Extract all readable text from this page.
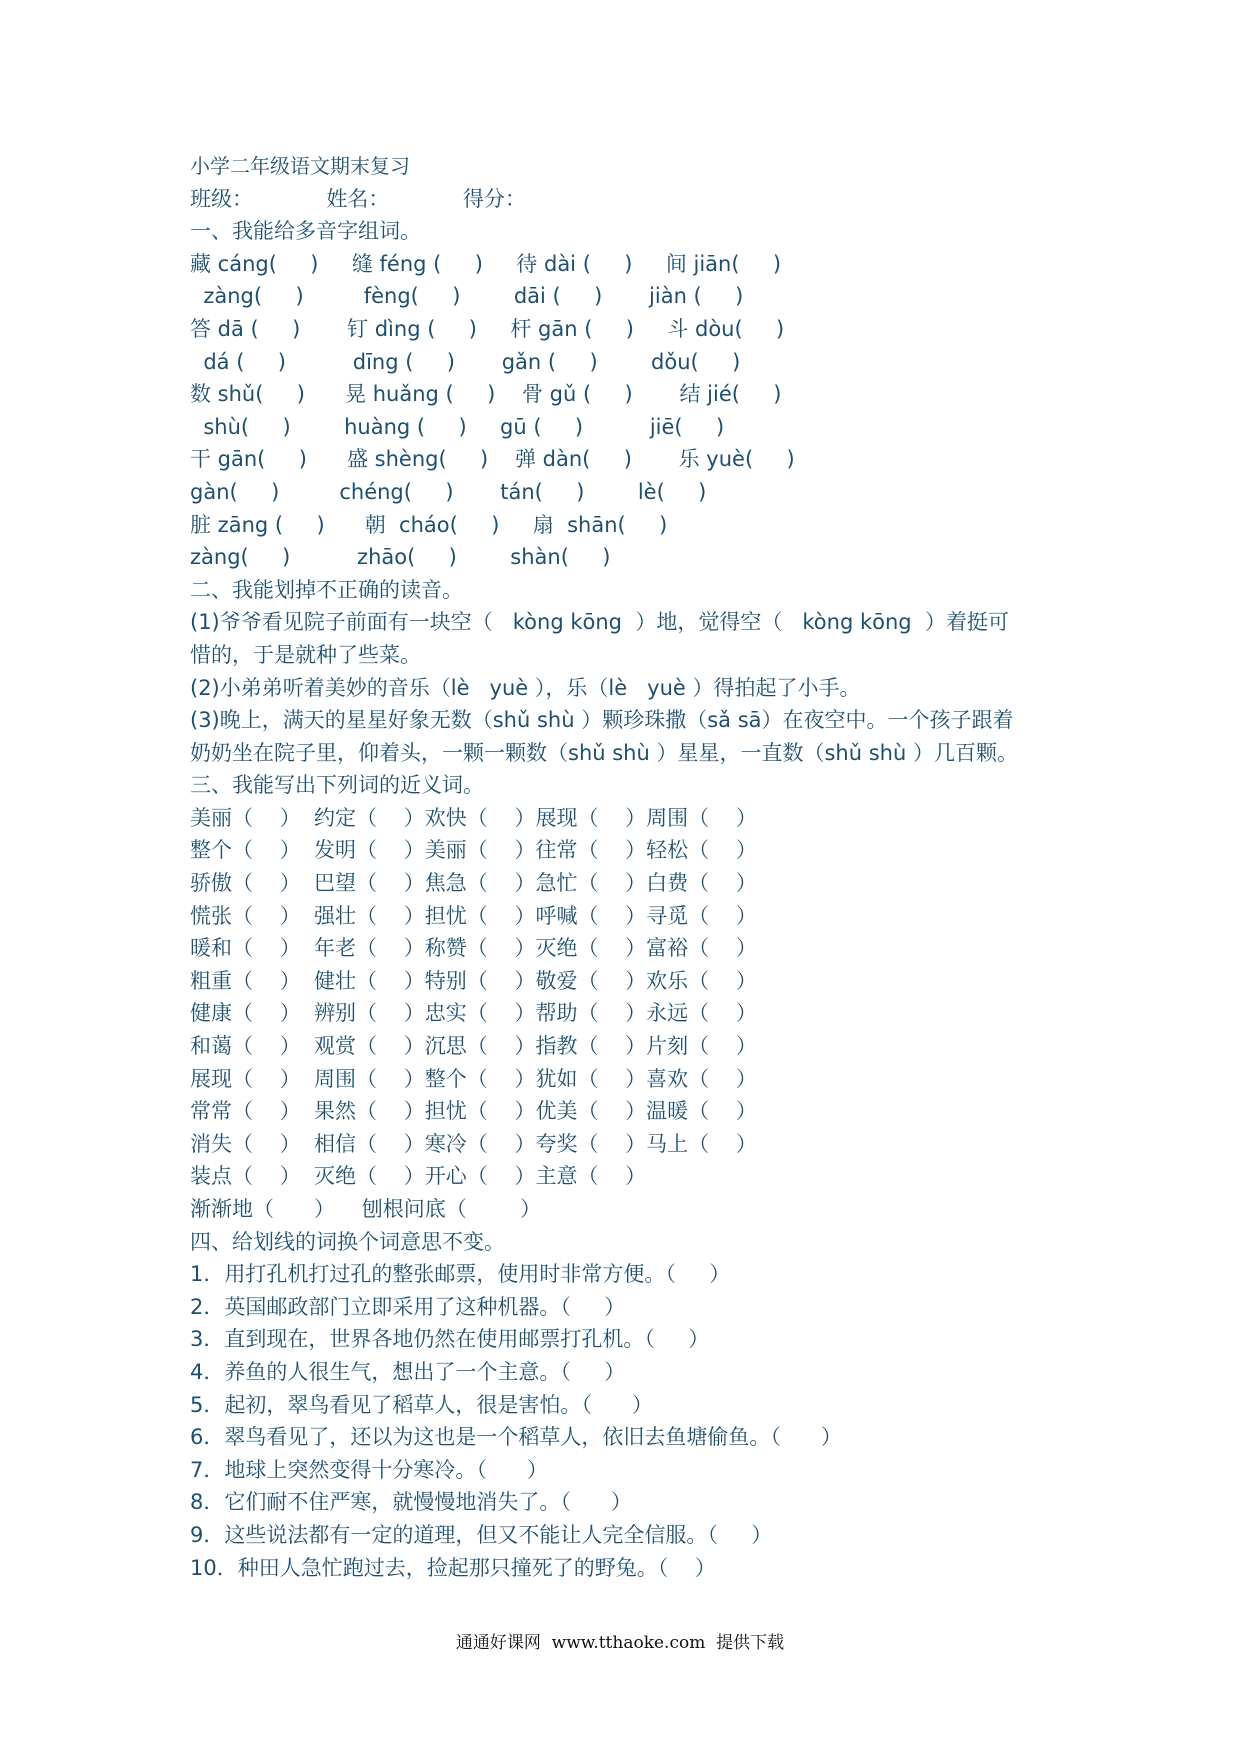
小学二年级语文期末复习
班级：           姓名：           得分：
一、我能给多音字组词。
藏 cáng(     )     缝 féng (     )     待 dài (     )     间 jiān(     )
zàng(     )         fèng(     )        dāi (     )       jiàn (     )
答 dā (     )       钉 dìng (     )     杆 gān (     )     斗 dòu(     )
dá (     )          dīng (     )       gǎn (     )        dǒu(     )
数 shǔ(     )      晃 huǎng (     )    骨 gǔ (     )       结 jié(     )
shù(     )        huàng (     )     gū (     )          jiē(     )
干 gān(     )      盛 shèng(     )    弹 dàn(     )       乐 yuè(     )
gàn(     )         chéng(     )       tán(     )        lè(     )
脏 zāng (     )      朝  cháo(     )     扇  shān(     )
zàng(     )          zhāo(     )        shàn(     )
二、我能划掉不正确的读音。
(1)爷爷看见院子前面有一块空（   kòng kōng  ）地，觉得空（   kòng kōng  ）着挺可
惜的，于是就种了些菜。
(2)小弟弟听着美妙的音乐（lè   yuè ），乐（lè   yuè ）得拍起了小手。
(3)晚上，满天的星星好象无数（shǔ shù ）颗珍珠撒（sǎ sā）在夜空中。一个孩子跟着
奶奶坐在院子里，仰着头，一颗一颗数（shǔ shù ）星星，一直数（shǔ shù ）几百颗。
三、我能写出下列词的近义词。
美丽（    ）  约定（    ）欢快（    ）展现（    ）周围（    ）
整个（    ）  发明（    ）美丽（    ）往常（    ）轻松（    ）
骄傲（    ）  巴望（    ）焦急（    ）急忙（    ）白费（    ）
慌张（    ）  强壮（    ）担忧（    ）呼喊（    ）寻觅（    ）
暖和（    ）  年老（    ）称赞（    ）灭绝（    ）富裕（    ）
粗重（    ）  健壮（    ）特别（    ）敬爱（    ）欢乐（    ）
健康（    ）  辨别（    ）忠实（    ）帮助（    ）永远（    ）
和蔼（    ）  观赏（    ）沉思（    ）指教（    ）片刻（    ）
展现（    ）  周围（    ）整个（    ）犹如（    ）喜欢（    ）
常常（    ）  果然（    ）担忧（    ）优美（    ）温暖（    ）
消失（    ）  相信（    ）寒冷（    ）夸奖（    ）马上（    ）
装点（    ）  灭绝（    ）开心（    ）主意（    ）
渐渐地（      ）    刨根问底（        ）
四、给划线的词换个词意思不变。
1．用打孔机打过孔的整张邮票，使用时非常方便。（     ）
2．英国邮政部门立即采用了这种机器。（     ）
3．直到现在，世界各地仍然在使用邮票打孔机。（     ）
4．养鱼的人很生气，想出了一个主意。（     ）
5．起初，翠鸟看见了稻草人，很是害怕。（      ）
6．翠鸟看见了，还以为这也是一个稻草人，依旧去鱼塘偷鱼。（      ）
7．地球上突然变得十分寒冷。（      ）
8．它们耐不住严寒，就慢慢地消失了。（      ）
9．这些说法都有一定的道理，但又不能让人完全信服。（     ）
10．种田人急忙跑过去，捡起那只撞死了的野兔。（    ）
通通好课网  www.tthaoke.com  提供下载
